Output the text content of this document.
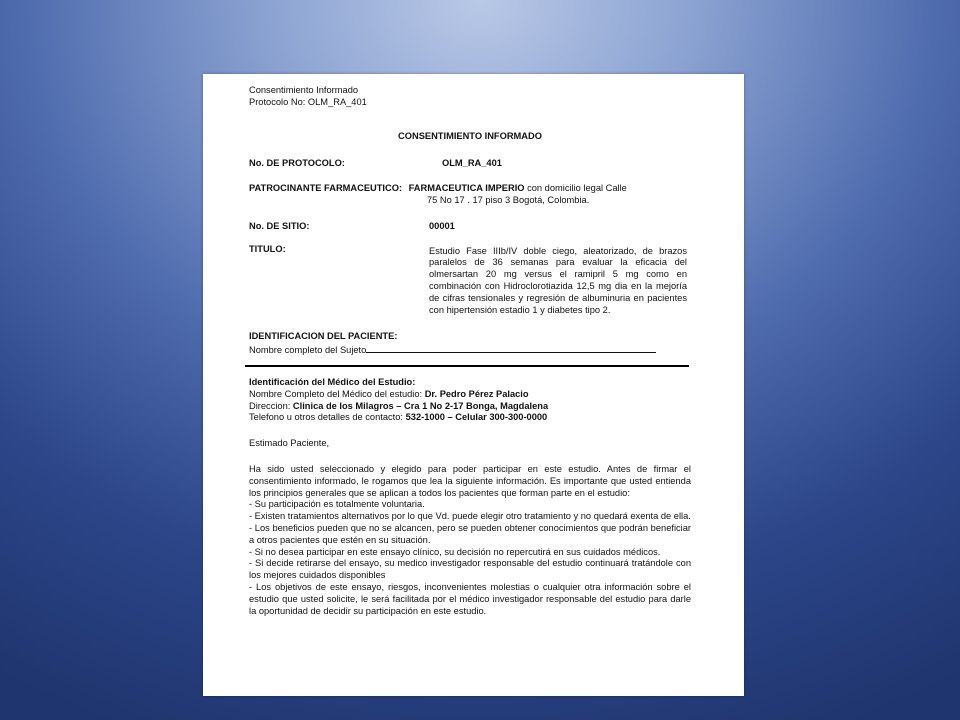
Consentimiento Informado

Protocolo No: OLM_RA_401

CONSENTIMIENTO INFORMADO
No. DE PROTOCOLO:	OLM_RA_401
PATROCINANTE FARMACEUTICO: FARMACEUTICA IMPERIO con domicilio legal Calle
75 No 17 . 17 piso 3 Bogotá, Colombia.
No. DE SITIO:	00001
TITULO:	Estudio Fase IIIb/IV doble ciego, aleatorizado, de brazos paralelos de 36 semanas para evaluar la eficacia del olmersartan 20 mg versus el ramipril 5 mg como en combinación con Hidroclorotiazida 12,5 mg dia en la mejoría de cifras tensionales y regresión de albuminuria en pacientes con hipertensión estadio 1 y diabetes tipo 2.
IDENTIFICACION DEL PACIENTE:
Nombre completo del Sujeto
Identificación del Médico del Estudio:
Nombre Completo del Médico del estudio: Dr. Pedro Pérez Palacio
Direccion: Clinica de los Milagros – Cra 1 No 2-17 Bonga, Magdalena
Telefono u otros detalles de contacto: 532-1000 – Celular 300-300-0000
Estimado Paciente,

Ha sido usted seleccionado y elegido para poder participar en este estudio. Antes de firmar el consentimiento informado, le rogamos que lea la siguiente información. Es importante que usted entienda los principios generales que se aplican a todos los pacientes que forman parte en el estudio:

- Su participación es totalmente voluntaria.

- Existen tratamientos alternativos por lo que Vd. puede elegir otro tratamiento y no quedará exenta de ella.

- Los beneficios pueden que no se alcancen, pero se pueden obtener conocimientos que podrán beneficiar a otros pacientes que estén en su situación.

- Si no desea participar en este ensayo clínico, su decisión no repercutirá en sus cuidados médicos.

- Si decide retirarse del ensayo, su medico investigador responsable del estudio continuará tratándole con los mejores cuidados disponibles

- Los objetivos de este ensayo, riesgos, inconvenientes molestias o cualquier otra información sobre el estudio que usted solicite, le será facilitada por el médico investigador responsable del estudio para darle la oportunidad de decidir su participación en este estudio.
